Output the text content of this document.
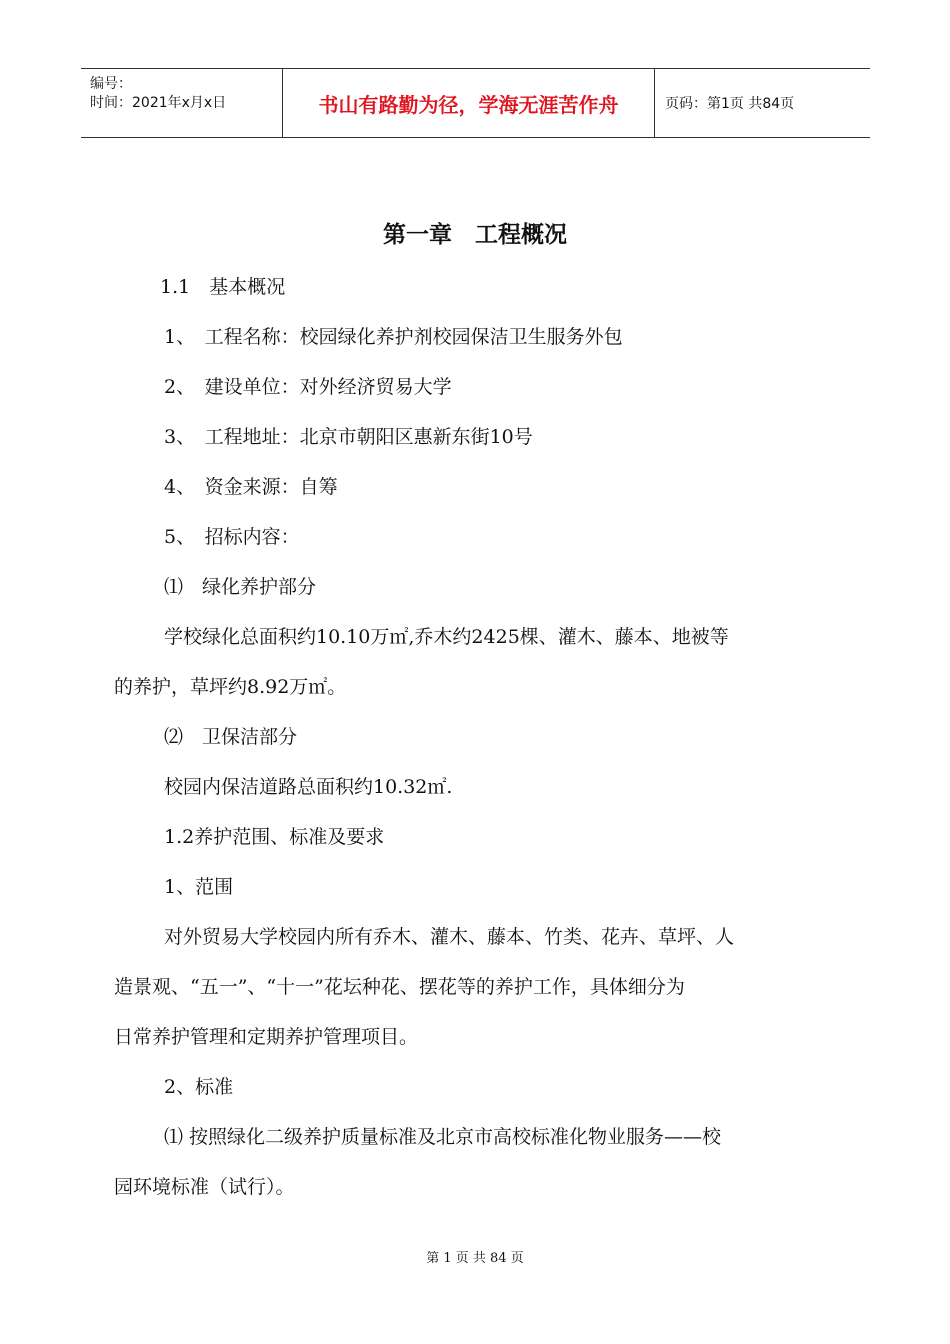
编号：
时间：2021年x月x日	书山有路勤为径，学海无涯苦作舟	页码：第1页 共84页
第一章　工程概况
1.1　基本概况
1、　工程名称：校园绿化养护剂校园保洁卫生服务外包
2、　建设单位：对外经济贸易大学
3、　工程地址：北京市朝阳区惠新东街10号
4、　资金来源：自筹
5、　招标内容：
⑴　绿化养护部分
学校绿化总面积约10.10万㎡,乔木约2425棵、灌木、藤本、地被等
的养护，草坪约8.92万㎡。
⑵　卫保洁部分
校园内保洁道路总面积约10.32㎡.
1.2养护范围、标准及要求
1、范围
对外贸易大学校园内所有乔木、灌木、藤本、竹类、花卉、草坪、人
造景观、“五一”、“十一”花坛种花、摆花等的养护工作，具体细分为
日常养护管理和定期养护管理项目。
2、标准
⑴ 按照绿化二级养护质量标准及北京市高校标准化物业服务——校
园环境标准（试行）。
第 1 页 共 84 页
